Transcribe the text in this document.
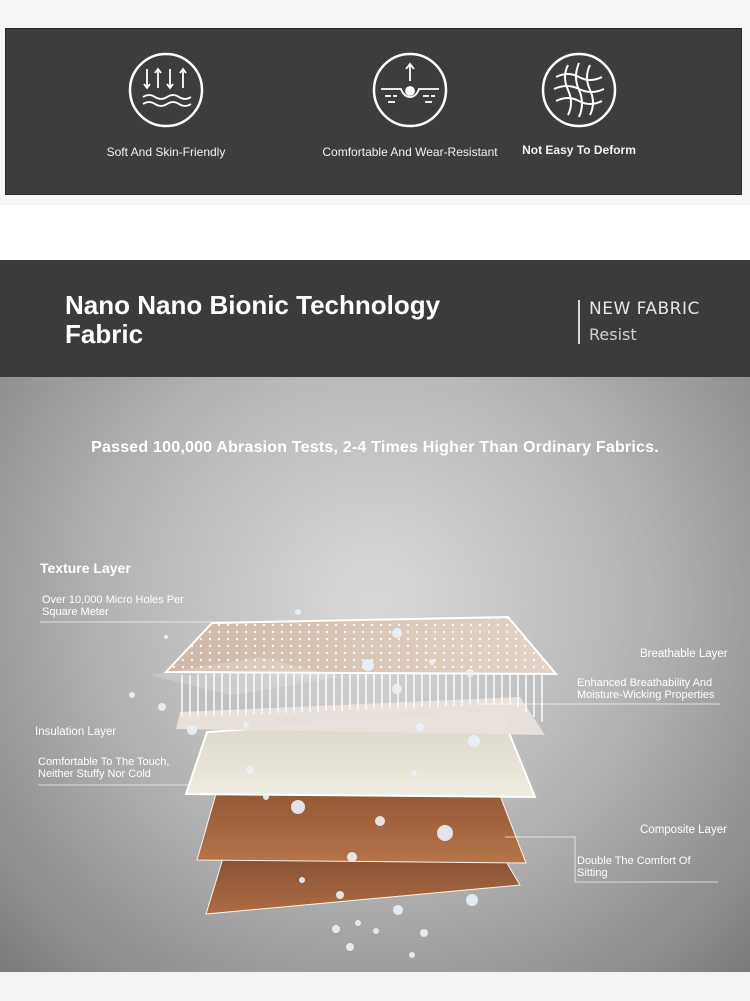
Soft And Skin-Friendly	Comfortable And Wear-Resistant	Not Easy To Deform
Nano Nano Bionic Technology
Fabric
NEW FABRIC
Resist
Passed 100,000 Abrasion Tests, 2-4 Times Higher Than Ordinary Fabrics.
Texture Layer
Over 10,000 Micro Holes Per
Square Meter
Breathable Layer
Enhanced Breathability And
Moisture-Wicking Properties
Insulation Layer
Comfortable To The Touch,
Neither Stuffy Nor Cold
Composite Layer
Double The Comfort Of
Sitting
